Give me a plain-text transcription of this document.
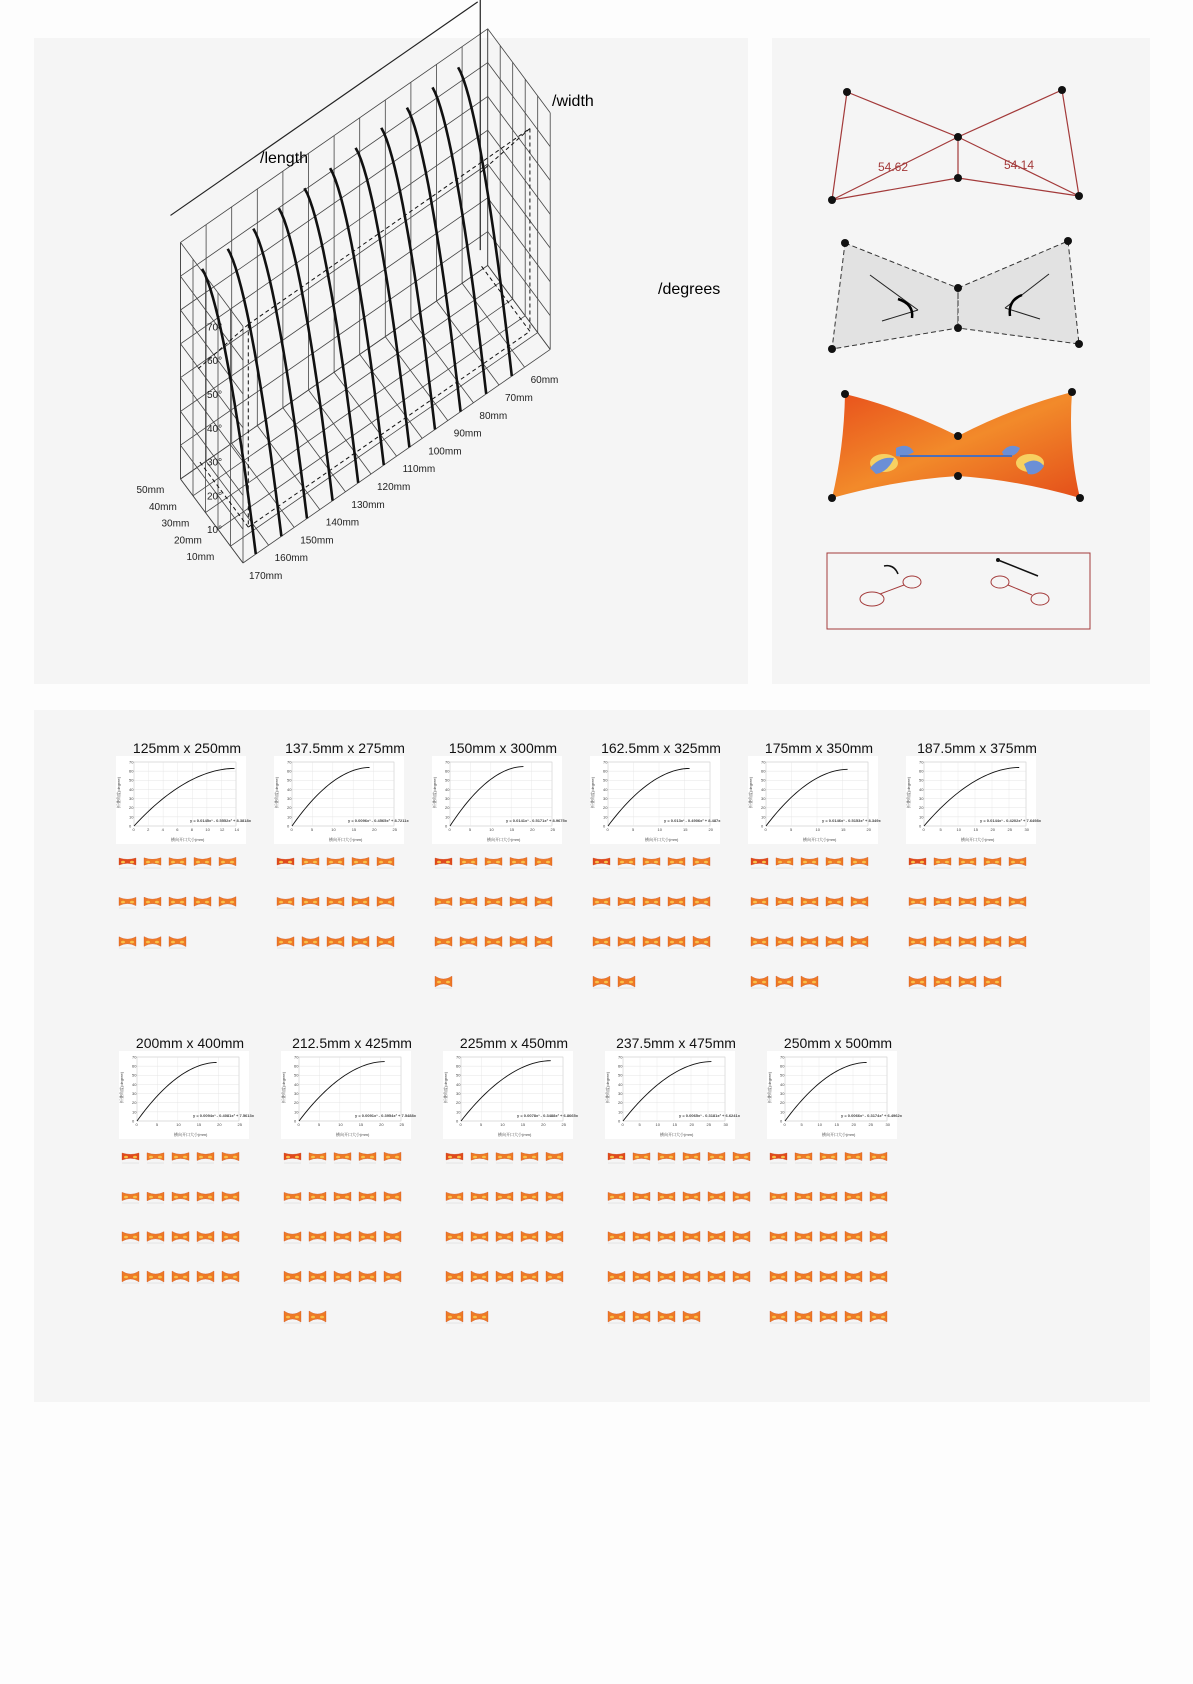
70°
60°
50°
40°
30°
20°
10°
50mm
40mm
30mm
20mm
10mm
170mm
160mm
150mm
140mm
130mm
120mm
110mm
100mm
90mm
80mm
70mm
60mm
/length
/width
/degrees
54.62	54.14
125mm x 250mm
0
10
20
30
40
50
60
70
0	2	4	6	8	10	12	14
横向开口大小(mm)
折叠角度(degree)
y = 0.0145x³ - 0.5552x² + 8.3818x
137.5mm x 275mm
0
10
20
30
40
50
60
70
0	5	10	15	20	25
横向开口大小(mm)
折叠角度(degree)
y = 0.0096x³ - 0.4565x² + 8.7211x
150mm x 300mm
0
10
20
30
40
50
60
70
0	5	10	15	20	25
横向开口大小(mm)
折叠角度(degree)
y = 0.0141x³ - 0.5171x² + 8.9675x
162.5mm x 325mm
0
10
20
30
40
50
60
70
0	5	10	15	20
横向开口大小(mm)
折叠角度(degree)
y = 0.013x³ - 0.4906x² + 8.487x
175mm x 350mm
0
10
20
30
40
50
60
70
0	5	10	15	20
横向开口大小(mm)
折叠角度(degree)
y = 0.0146x³ - 0.5153x² + 8.349x
187.5mm x 375mm
0
10
20
30
40
50
60
70
0	5	10	15	20	25	30
横向开口大小(mm)
折叠角度(degree)
y = 0.0144x³ - 0.4202x² + 7.6498x
200mm x 400mm
0
10
20
30
40
50
60
70
0	5	10	15	20	25
横向开口大小(mm)
折叠角度(degree)
y = 0.0094x³ - 0.4081x² + 7.5613x
212.5mm x 425mm
0
10
20
30
40
50
60
70
0	5	10	15	20	25
横向开口大小(mm)
折叠角度(degree)
y = 0.0091x³ - 0.3954x² + 7.5488x
225mm x 450mm
0
10
20
30
40
50
60
70
0	5	10	15	20	25
横向开口大小(mm)
折叠角度(degree)
y = 0.0078x³ - 0.3488x² + 6.8665x
237.5mm x 475mm
0
10
20
30
40
50
60
70
0	5	10	15	20	25	30
横向开口大小(mm)
折叠角度(degree)
y = 0.0065x³ - 0.3181x² + 6.6241x
250mm x 500mm
0
10
20
30
40
50
60
70
0	5	10	15	20	25	30
横向开口大小(mm)
折叠角度(degree)
y = 0.0066x³ - 0.3174x² + 6.4962x
